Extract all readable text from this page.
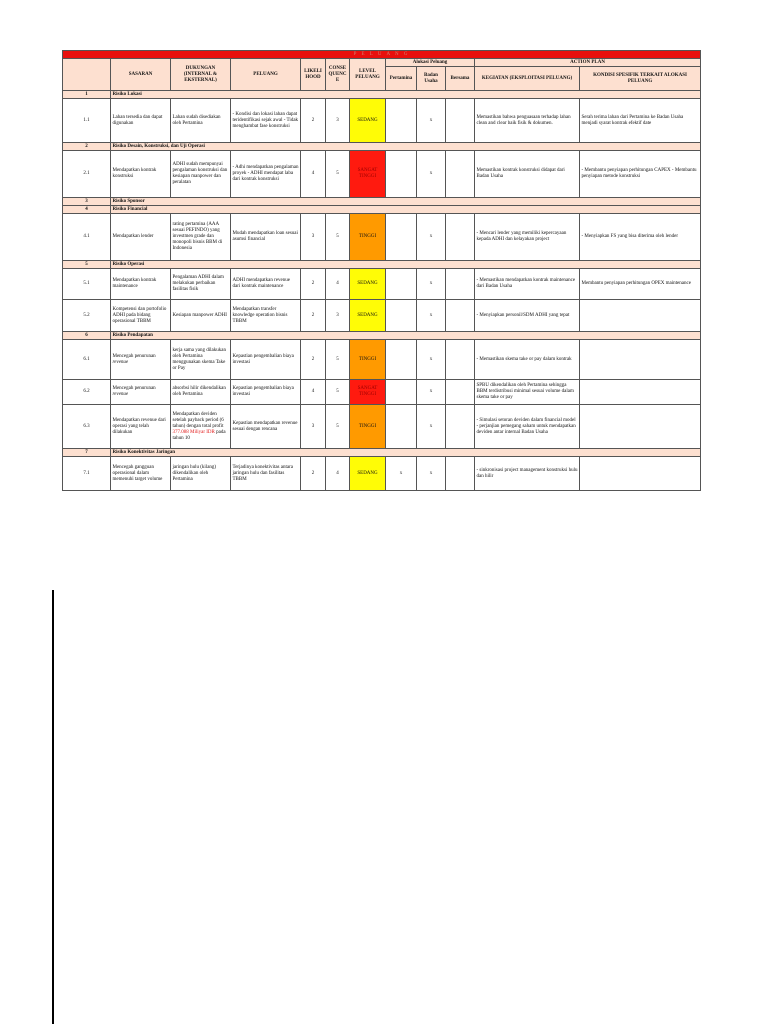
P E L U A N G											
	SASARAN	DUKUNGAN (INTERNAL & EKSTERNAL)	PELUANG	LIKELI HOOD	CONSE QUENC E	LEVEL PELUANG	Alokasi Peluang			ACTION PLAN	
							Pertamina	Badan Usaha	Bersama	KEGIATAN (EKSPLOITASI PELUANG)	KONDISI SPESIFIK TERKAIT ALOKASI PELUANG
1	Risiko Lokasi										
1.1	Lahan tersedia dan dapat digunakan	Lahan sudah disediakan oleh Pertamina	- Kondisi dan lokasi lahan dapat teridentifikasi sejak awal - Tidak menghambat fase konstruksi	2	3	SEDANG		x		Memastikan bahwa penguasaan terhadap lahan clean and clear baik fisik & dokumen.	Serah terima lahan dari Pertamina ke Badan Usaha menjadi syarat kontrak efektif date
2	Risiko Desain, Konstruksi, dan Uji Operasi										
2.1	Mendapatkan kontrak konstruksi	ADHI sudah mempunyai pengalaman konstruksi dan kesiapan manpower dan peralatan	- Adhi mendapatkan pengalaman proyek - ADHI mendapat laba dari kontrak konstruksi	4	5	SANGAT TINGGI		x		Memastikan kontrak konstruksi didapat dari Badan Usaha	- Membantu penyiapan perhitungan CAPEX - Membantu penyiapan metode konstruksi
3	Risiko Sponsor										
4	Risiko Financial										
4.1	Mendapatkan lender	rating pertamina (AAA sesuai PEFINDO) yang investmen grade dan monopoli bisnis BBM di Indonesia	Mudah mendapatkan loan sesuai asumsi financial	3	5	TINGGI		x		- Mencari lender yang memiliki kepercayaan kepada ADHI dan kelayakan project	- Menyiapkan FS yang bisa diterima oleh lender
5	Risiko Operasi										
5.1	Mendapatkan kontrak maintenance	Pengalaman ADHI dalam melakukan perbaikan fasilitas fisik	ADHI mendapatkan revenue dari kontrak maintenance	2	4	SEDANG		x		- Memastikan mendapatkan kontrak maintenance dari Badan Usaha	Membantu penyiapan perhitungan OPEX maintenance
5.2	Kompetensi dan portofolio ADHI pada bidang operasional TBBM	Kesiapan manpower ADHI	Mendapatkan transfer knowledge operation bisnis TBBM	2	3	SEDANG		x		- Menyiapkan personil/SDM ADHI yang tepat	
6	Risiko Pendapatan										
6.1	Mencegah penurunan revenue	kerja sama yang dilakukan oleh Pertamina menggunakan skema Take or Pay	Kepastian pengembalian biaya investasi	2	5	TINGGI		x		- Memastikan skema take or pay dalam kontrak	
6.2	Mencegah penurunan revenue	absorbsi hilir dikendalikan oleh Pertamina	Kepastian pengembalian biaya investasi	4	5	SANGAT TINGGI		x		SPBU dikendalikan oleh Pertamina sehingga BBM terdistribusi minimal sesuai volume dalam skema take or pay	
6.3	Mendapatkan revenue dari operasi yang telah dilakukan	Mendapatkan deviden setelah payback period (6 tahun) dengan total profit 377.088 Miliyar IDR pada tahun 10	Kepastian mendapatkan revenue sesuai dengan rencana	3	5	TINGGI		x		- Simulasi setoran deviden dalam financial model - perjanjian pemegang saham untuk mendapatkan deviden antar internal Badan Usaha	
7	Risiko Konektivitas Jaringan										
7.1	Mencegah gangguan operasional dalam memenuhi target volume	jaringan hulu (kilang) dikendalikan oleh Pertamina	Terjadinya konektivitas antara jaringan hulu dan fasilitas TBBM	2	4	SEDANG	x	x		- sinkronisasi project management konstruksi hulu dan hilir	
